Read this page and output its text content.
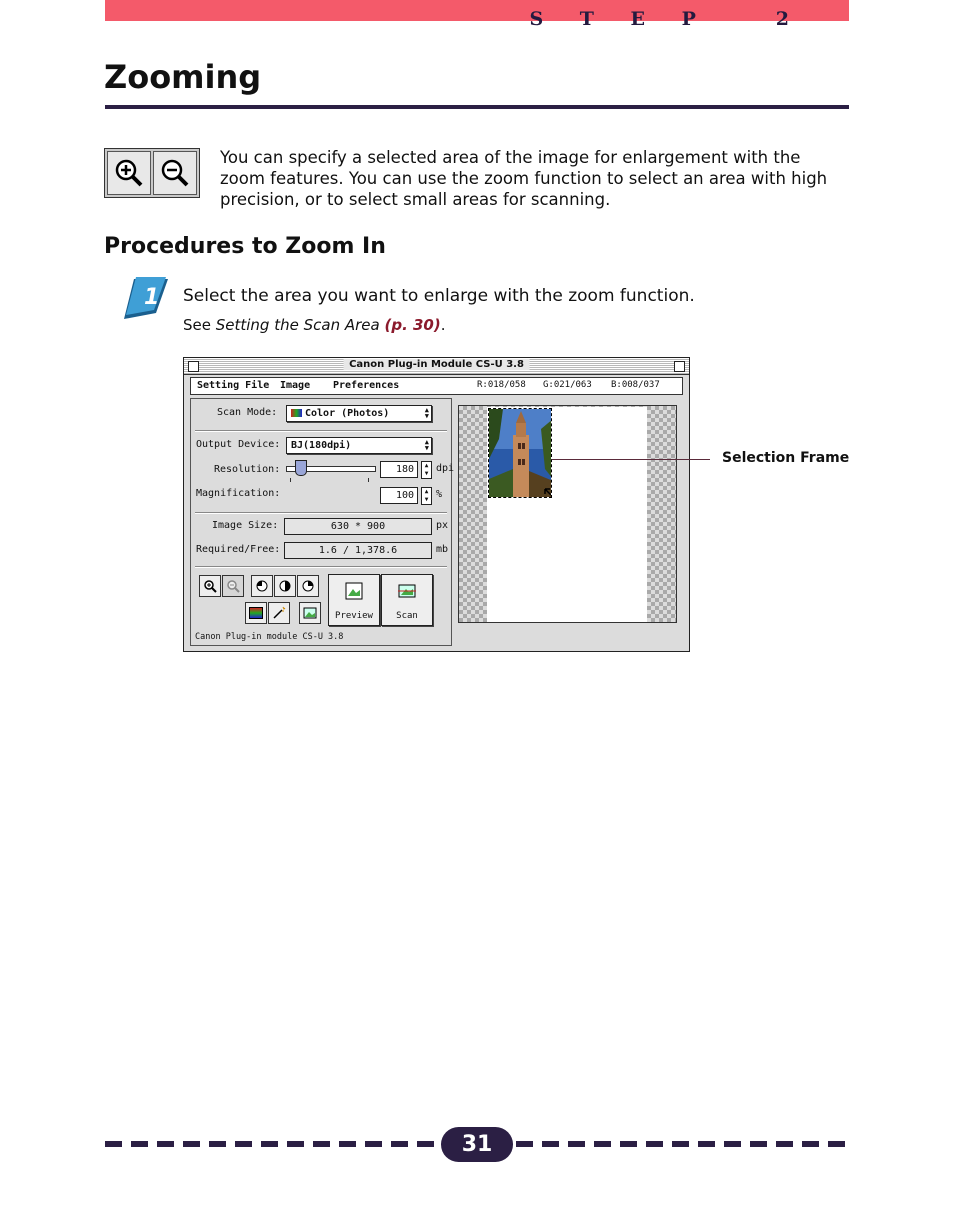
S T E P   2
Zooming
You can specify a selected area of the image for enlargement with the zoom features. You can use the zoom function to select an area with high precision, or to select small areas for scanning.
Procedures to Zoom In
1 Select the area you want to enlarge with the zoom function.
See Setting the Scan Area (p. 30).
Canon Plug-in Module CS-U 3.8
Setting File Image Preferences	R:018/058 G:021/063 B:008/037
Scan Mode:	Color (Photos)	▲
▼
Output Device:	BJ(180dpi)	▲
▼
Resolution:	180	▲
▼ dpi
Magnification:	100	▲
▼ %
Image Size:	630 * 900	px
Required/Free:	1.6 / 1,378.6	mb
Preview	Scan
Canon Plug-in module CS-U 3.8
Selection Frame
31
